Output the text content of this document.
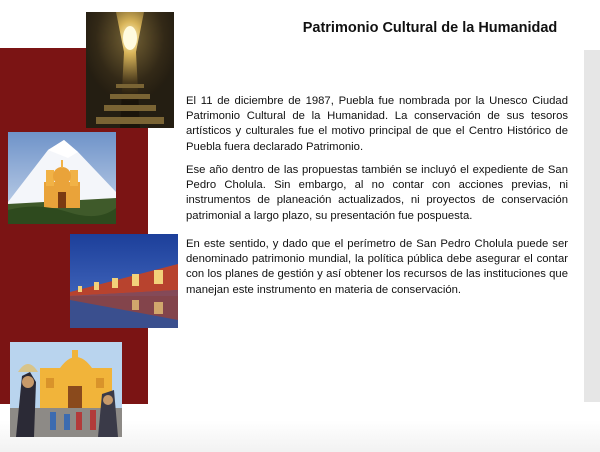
Patrimonio Cultural de la Humanidad

El 11 de diciembre de 1987, Puebla fue nombrada por la Unesco Ciudad Patrimonio Cultural de la Humanidad. La conservación de sus tesoros artísticos y culturales fue el motivo principal de que el Centro Histórico de Puebla fuera declarado Patrimonio.

Ese año dentro de las propuestas también se incluyó el expediente de San Pedro Cholula. Sin embargo, al no contar con acciones previas, ni instrumentos de planeación actualizados, ni proyectos de conservación patrimonial a largo plazo, su presentación fue pospuesta.

En este sentido, y dado que el perímetro de San Pedro Cholula puede ser denominado patrimonio mundial, la política pública debe asegurar el contar con los planes de gestión y así obtener los recursos de las instituciones que manejan este instrumento en materia de conservación.
